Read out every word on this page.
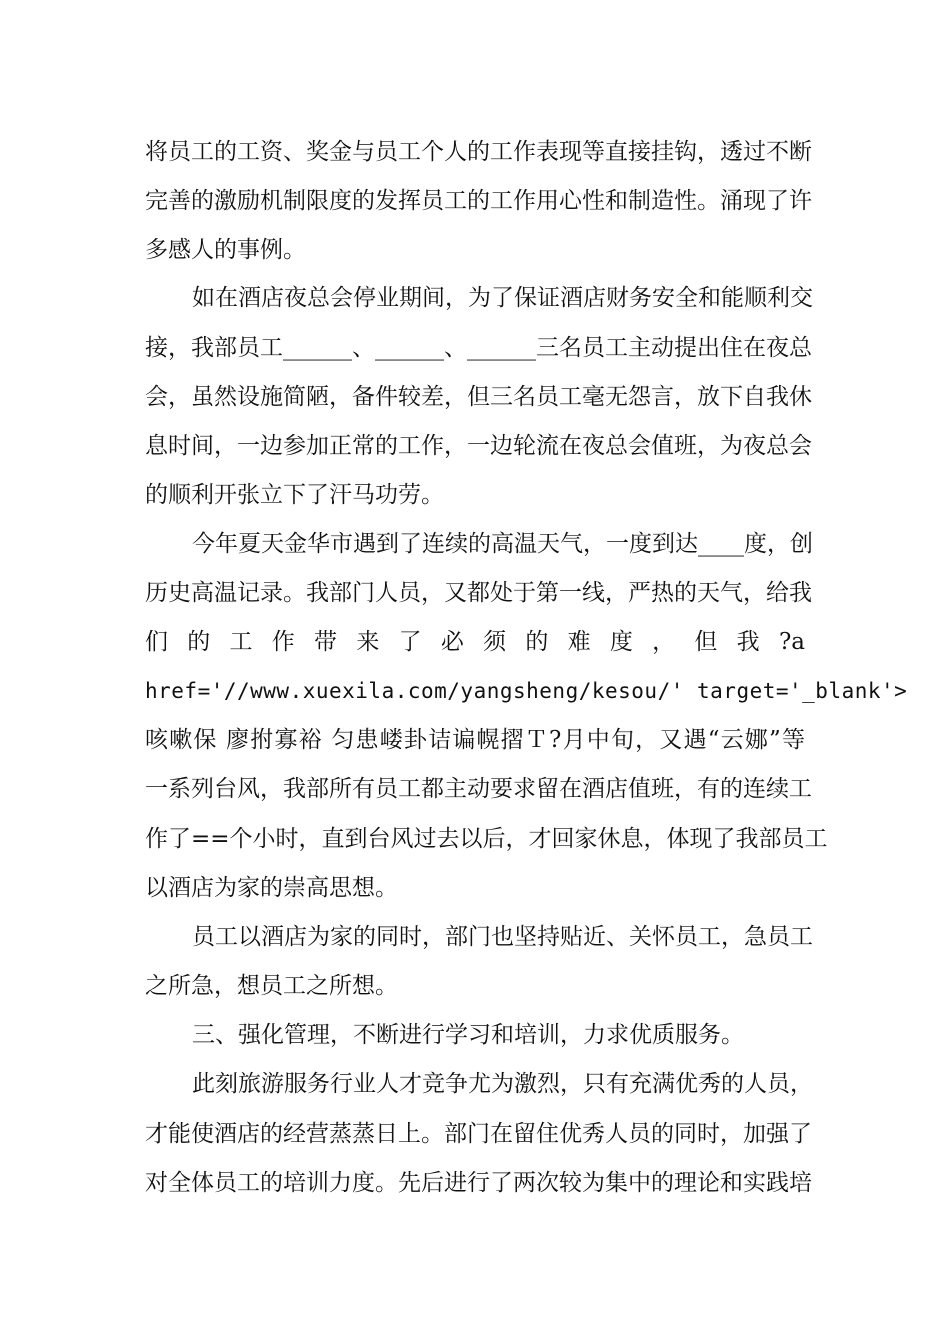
将员工的工资、奖金与员工个人的工作表现等直接挂钩，透过不断
完善的激励机制限度的发挥员工的工作用心性和制造性。涌现了许
多感人的事例。
如在酒店夜总会停业期间，为了保证酒店财务安全和能顺利交
接，我部员工______、______、______三名员工主动提出住在夜总
会，虽然设施简陋，备件较差，但三名员工毫无怨言，放下自我休
息时间，一边参加正常的工作，一边轮流在夜总会值班，为夜总会
的顺利开张立下了汗马功劳。
今年夏天金华市遇到了连续的高温天气，一度到达____度，创
历史高温记录。我部门人员，又都处于第一线，严热的天气，给我
们 的 工 作 带 来 了 必 须 的 难 度 ， 但 我 ?a
href='//www.xuexila.com/yangsheng/kesou/' target='_blank'>
咳嗽保 廖拊寡裕 匀患嵝卦诘谝幌摺Ｔ?月中旬，又遇“云娜”等
一系列台风，我部所有员工都主动要求留在酒店值班，有的连续工
作了==个小时，直到台风过去以后，才回家休息，体现了我部员工
以酒店为家的崇高思想。
员工以酒店为家的同时，部门也坚持贴近、关怀员工，急员工
之所急，想员工之所想。
三、强化管理，不断进行学习和培训，力求优质服务。
此刻旅游服务行业人才竞争尤为激烈，只有充满优秀的人员，
才能使酒店的经营蒸蒸日上。部门在留住优秀人员的同时，加强了
对全体员工的培训力度。先后进行了两次较为集中的理论和实践培
